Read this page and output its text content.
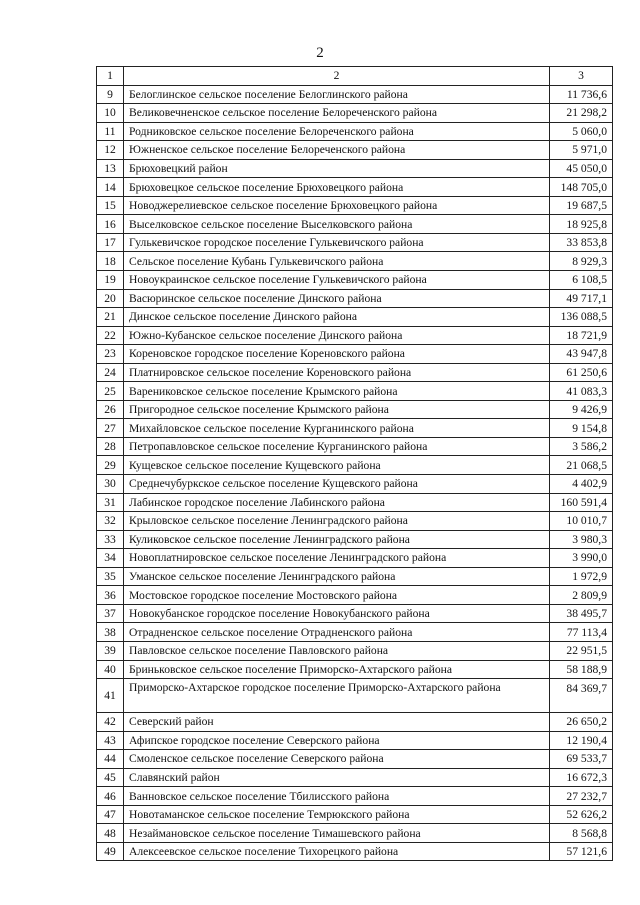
2
1	2	3
9	Белоглинское сельское поселение Белоглинского района	11 736,6
10	Великовечненское сельское поселение Белореченского района	21 298,2
11	Родниковское сельское поселение Белореченского района	5 060,0
12	Южненское сельское поселение Белореченского района	5 971,0
13	Брюховецкий район	45 050,0
14	Брюховецкое сельское поселение Брюховецкого района	148 705,0
15	Новоджерелиевское сельское поселение Брюховецкого района	19 687,5
16	Выселковское сельское поселение Выселковского района	18 925,8
17	Гулькевичское городское поселение Гулькевичского района	33 853,8
18	Сельское поселение Кубань Гулькевичского района	8 929,3
19	Новоукраинское сельское поселение Гулькевичского района	6 108,5
20	Васюринское сельское поселение Динского района	49 717,1
21	Динское сельское поселение Динского района	136 088,5
22	Южно-Кубанское сельское поселение Динского района	18 721,9
23	Кореновское городское поселение Кореновского района	43 947,8
24	Платнировское сельское поселение Кореновского района	61 250,6
25	Варениковское сельское поселение Крымского района	41 083,3
26	Пригородное сельское поселение Крымского района	9 426,9
27	Михайловское сельское поселение Курганинского района	9 154,8
28	Петропавловское сельское поселение Курганинского района	3 586,2
29	Кущевское сельское поселение Кущевского района	21 068,5
30	Среднечубуркское сельское поселение Кущевского района	4 402,9
31	Лабинское городское поселение Лабинского района	160 591,4
32	Крыловское сельское поселение Ленинградского района	10 010,7
33	Куликовское сельское поселение Ленинградского района	3 980,3
34	Новоплатнировское сельское поселение Ленинградского района	3 990,0
35	Уманское сельское поселение Ленинградского района	1 972,9
36	Мостовское городское поселение Мостовского района	2 809,9
37	Новокубанское городское поселение Новокубанского района	38 495,7
38	Отрадненское сельское поселение Отрадненского района	77 113,4
39	Павловское сельское поселение Павловского района	22 951,5
40	Бриньковское сельское поселение Приморско-Ахтарского района	58 188,9
41	Приморско-Ахтарское городское поселение Приморско-Ахтарского района	84 369,7
42	Северский район	26 650,2
43	Афипское городское поселение Северского района	12 190,4
44	Смоленское сельское поселение Северского района	69 533,7
45	Славянский район	16 672,3
46	Ванновское сельское поселение Тбилисского района	27 232,7
47	Новотаманское сельское поселение Темрюкского района	52 626,2
48	Незаймановское сельское поселение Тимашевского района	8 568,8
49	Алексеевское сельское поселение Тихорецкого района	57 121,6
